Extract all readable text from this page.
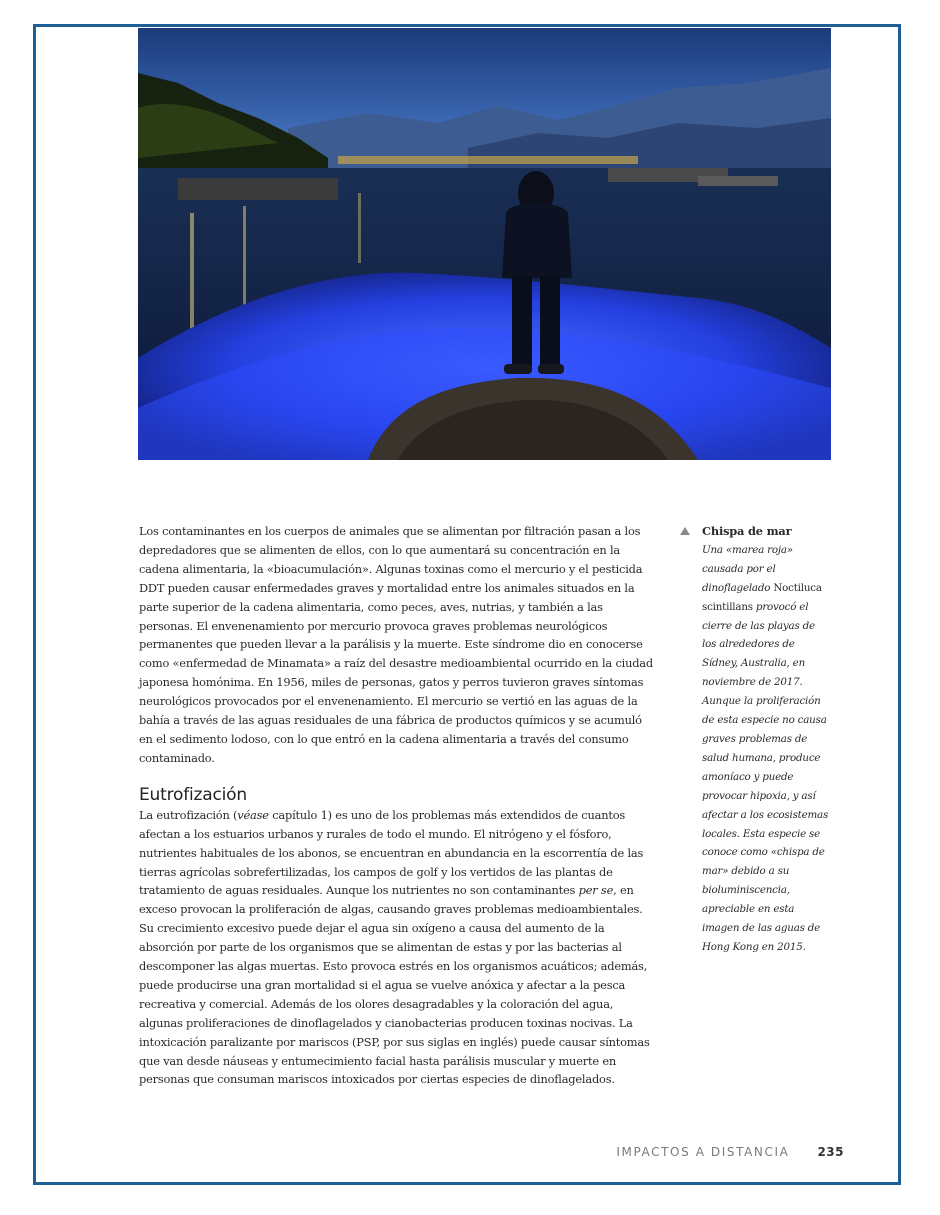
Los contaminantes en los cuerpos de animales que se alimentan por filtración pasan a los depredadores que se alimenten de ellos, con lo que aumentará su concentración en la cadena alimentaria, la «bioacumulación». Algunas toxinas como el mercurio y el pesticida DDT pueden causar enfermedades graves y mortalidad entre los animales situados en la parte superior de la cadena alimentaria, como peces, aves, nutrias, y también a las personas. El envenenamiento por mercurio provoca graves problemas neurológicos permanentes que pueden llevar a la parálisis y la muerte. Este síndrome dio en conocerse como «enfermedad de Minamata» a raíz del desastre medioambiental ocurrido en la ciudad japonesa homónima. En 1956, miles de personas, gatos y perros tuvieron graves síntomas neurológicos provocados por el envenenamiento. El mercurio se vertió en las aguas de la bahía a través de las aguas residuales de una fábrica de productos químicos y se acumuló en el sedimento lodoso, con lo que entró en la cadena alimentaria a través del consumo contaminado.

Eutrofización

La eutrofización (véase capítulo 1) es uno de los problemas más extendidos de cuantos afectan a los estuarios urbanos y rurales de todo el mundo. El nitrógeno y el fósforo, nutrientes habituales de los abonos, se encuentran en abundancia en la escorrentía de las tierras agrícolas sobrefertilizadas, los campos de golf y los vertidos de las plantas de tratamiento de aguas residuales. Aunque los nutrientes no son contaminantes per se, en exceso provocan la proliferación de algas, causando graves problemas medioambientales. Su crecimiento excesivo puede dejar el agua sin oxígeno a causa del aumento de la absorción por parte de los organismos que se alimentan de estas y por las bacterias al descomponer las algas muertas. Esto provoca estrés en los organismos acuáticos; además, puede producirse una gran mortalidad si el agua se vuelve anóxica y afectar a la pesca recreativa y comercial. Además de los olores desagradables y la coloración del agua, algunas proliferaciones de dinoflagelados y cianobacterias producen toxinas nocivas. La intoxicación paralizante por mariscos (PSP, por sus siglas en inglés) puede causar síntomas que van desde náuseas y entumecimiento facial hasta parálisis muscular y muerte en personas que consuman mariscos intoxicados por ciertas especies de dinoflagelados.

Chispa de mar
Una «marea roja» causada por el dinoflagelado Noctiluca scintillans provocó el cierre de las playas de los alrededores de Sídney, Australia, en noviembre de 2017. Aunque la proliferación de esta especie no causa graves problemas de salud humana, produce amoníaco y puede provocar hipoxia, y así afectar a los ecosistemas locales. Esta especie se conoce como «chispa de mar» debido a su bioluminiscencia, apreciable en esta imagen de las aguas de Hong Kong en 2015.
IMPACTOS A DISTANCIA 235
